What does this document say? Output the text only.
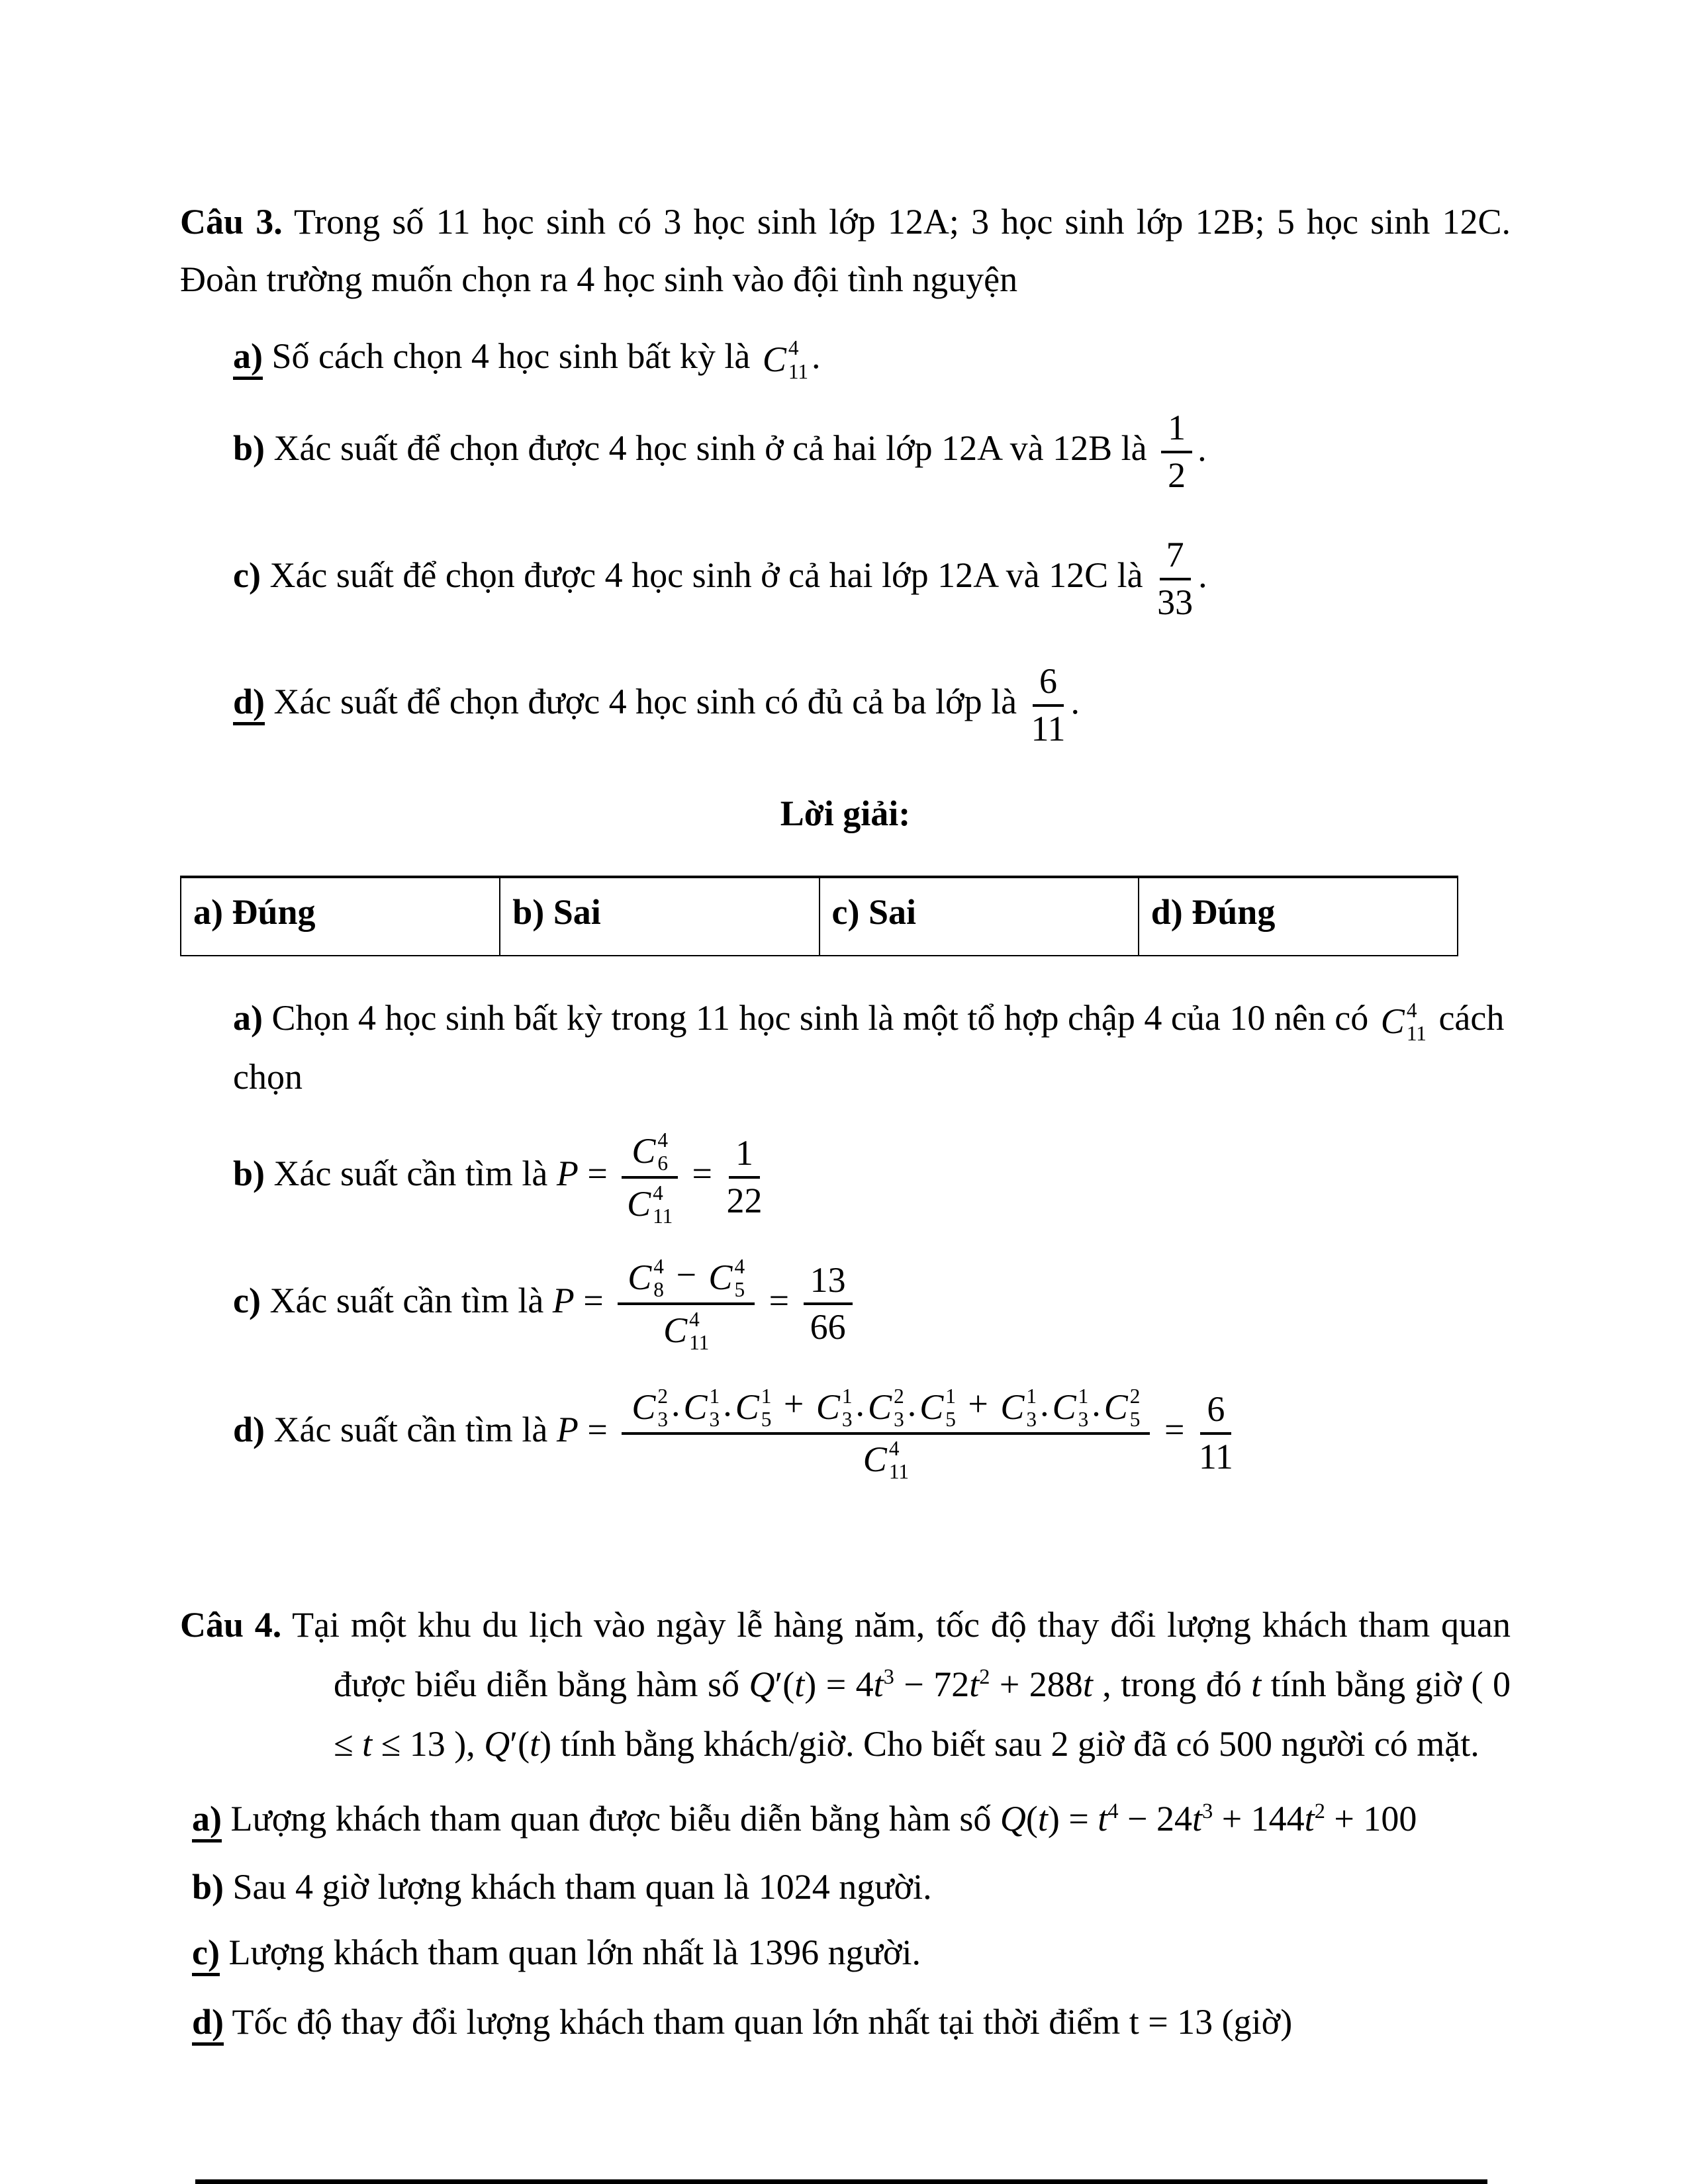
Câu 3. Trong số 11 học sinh có 3 học sinh lớp 12A; 3 học sinh lớp 12B; 5 học sinh 12C. Đoàn trường muốn chọn ra 4 học sinh vào đội tình nguyện

a) Số cách chọn 4 học sinh bất kỳ là C 4
11 .
b) Xác suất để chọn được 4 học sinh ở cả hai lớp 12A và 12B là $\frac{1}{2}$ .
c) Xác suất để chọn được 4 học sinh ở cả hai lớp 12A và 12C là $\frac{7}{33}$ .
d) Xác suất để chọn được 4 học sinh có đủ cả ba lớp là $\frac{6}{11}$ .

Lời giải:

a) Đúng	b) Sai	c) Sai	d) Đúng
a) Chọn 4 học sinh bất kỳ trong 11 học sinh là một tổ hợp chập 4 của 10 nên có C 4
11 cách chọn
b) Xác suất cần tìm là P = C 4
6
C 4
$11 = \frac{1}{22}$
c) Xác suất cần tìm là P = C 4
8 − C 4
5
C 4
$11 = \frac{13}{66}$
d) Xác suất cần tìm là P = C 2
3 . C 1
3 . C 1
5 + C 1
3 . C 2
3 . C 1
5 + C 1
3 . C 1
3 . C 2
5
C 4
$11 = \frac{6}{11}$

Câu 4. Tại một khu du lịch vào ngày lễ hàng năm, tốc độ thay đổi lượng khách tham quan được biểu diễn bằng hàm số $Q'(t) = 4t^3 - 72t^2 + 288t$ , trong đó t tính bằng giờ ( 0 ≤ t ≤ 13 ), Q′(t) tính bằng khách/giờ. Cho biết sau 2 giờ đã có 500 người có mặt.

a) Lượng khách tham quan được biễu diễn bằng hàm số $Q(t) = t^4 - 24t^3 + 144t^2 + 100$
b) Sau 4 giờ lượng khách tham quan là 1024 người.
c) Lượng khách tham quan lớn nhất là 1396 người.
d) Tốc độ thay đổi lượng khách tham quan lớn nhất tại thời điểm t = 13 (giờ)
